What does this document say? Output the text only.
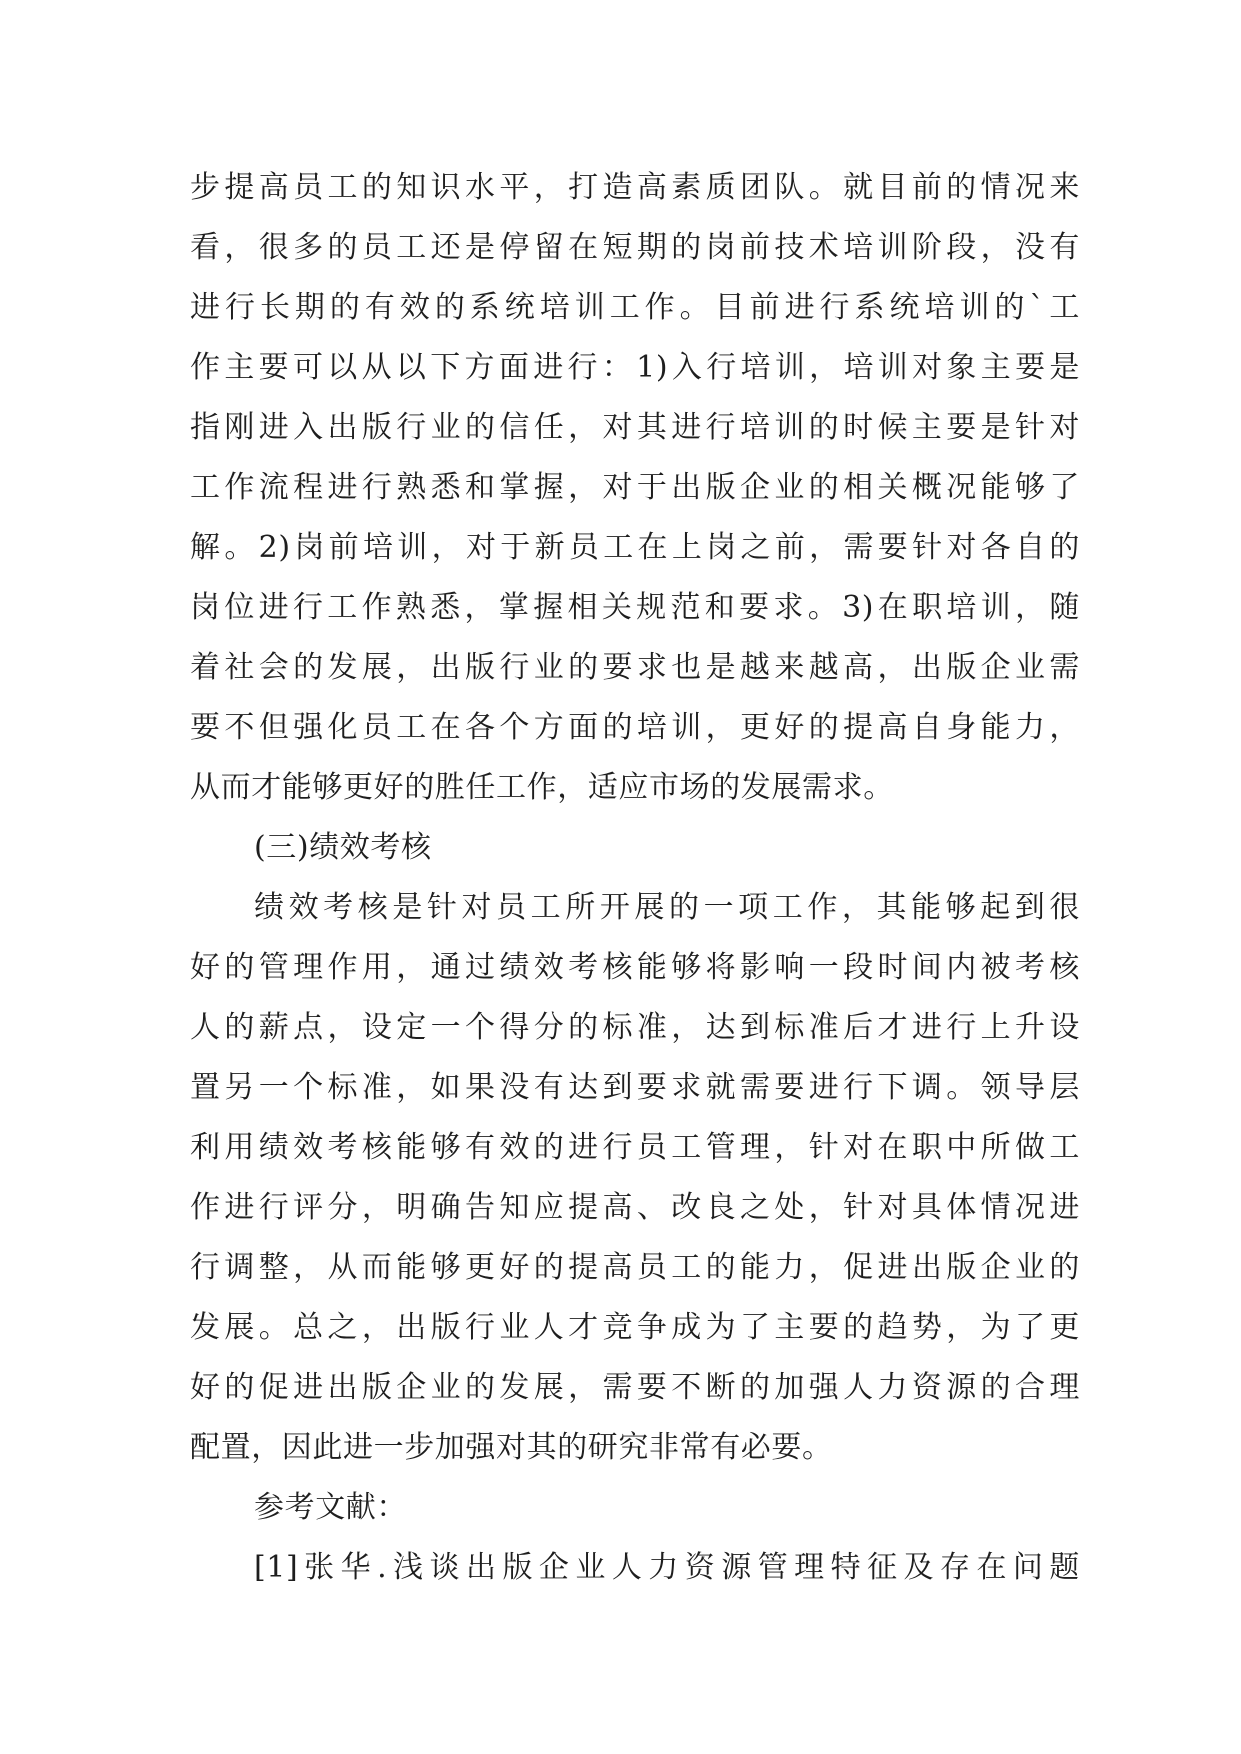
步提高员工的知识水平，打造高素质团队。就目前的情况来
看，很多的员工还是停留在短期的岗前技术培训阶段，没有
进行长期的有效的系统培训工作。目前进行系统培训的`工
作主要可以从以下方面进行：1)入行培训，培训对象主要是
指刚进入出版行业的信任，对其进行培训的时候主要是针对
工作流程进行熟悉和掌握，对于出版企业的相关概况能够了
解。2)岗前培训，对于新员工在上岗之前，需要针对各自的
岗位进行工作熟悉，掌握相关规范和要求。3)在职培训，随
着社会的发展，出版行业的要求也是越来越高，出版企业需
要不但强化员工在各个方面的培训，更好的提高自身能力，
从而才能够更好的胜任工作，适应市场的发展需求。
(三)绩效考核
绩效考核是针对员工所开展的一项工作，其能够起到很
好的管理作用，通过绩效考核能够将影响一段时间内被考核
人的薪点，设定一个得分的标准，达到标准后才进行上升设
置另一个标准，如果没有达到要求就需要进行下调。领导层
利用绩效考核能够有效的进行员工管理，针对在职中所做工
作进行评分，明确告知应提高、改良之处，针对具体情况进
行调整，从而能够更好的提高员工的能力，促进出版企业的
发展。总之，出版行业人才竞争成为了主要的趋势，为了更
好的促进出版企业的发展，需要不断的加强人力资源的合理
配置，因此进一步加强对其的研究非常有必要。
参考文献：
[1]张华.浅谈出版企业人力资源管理特征及存在问题
